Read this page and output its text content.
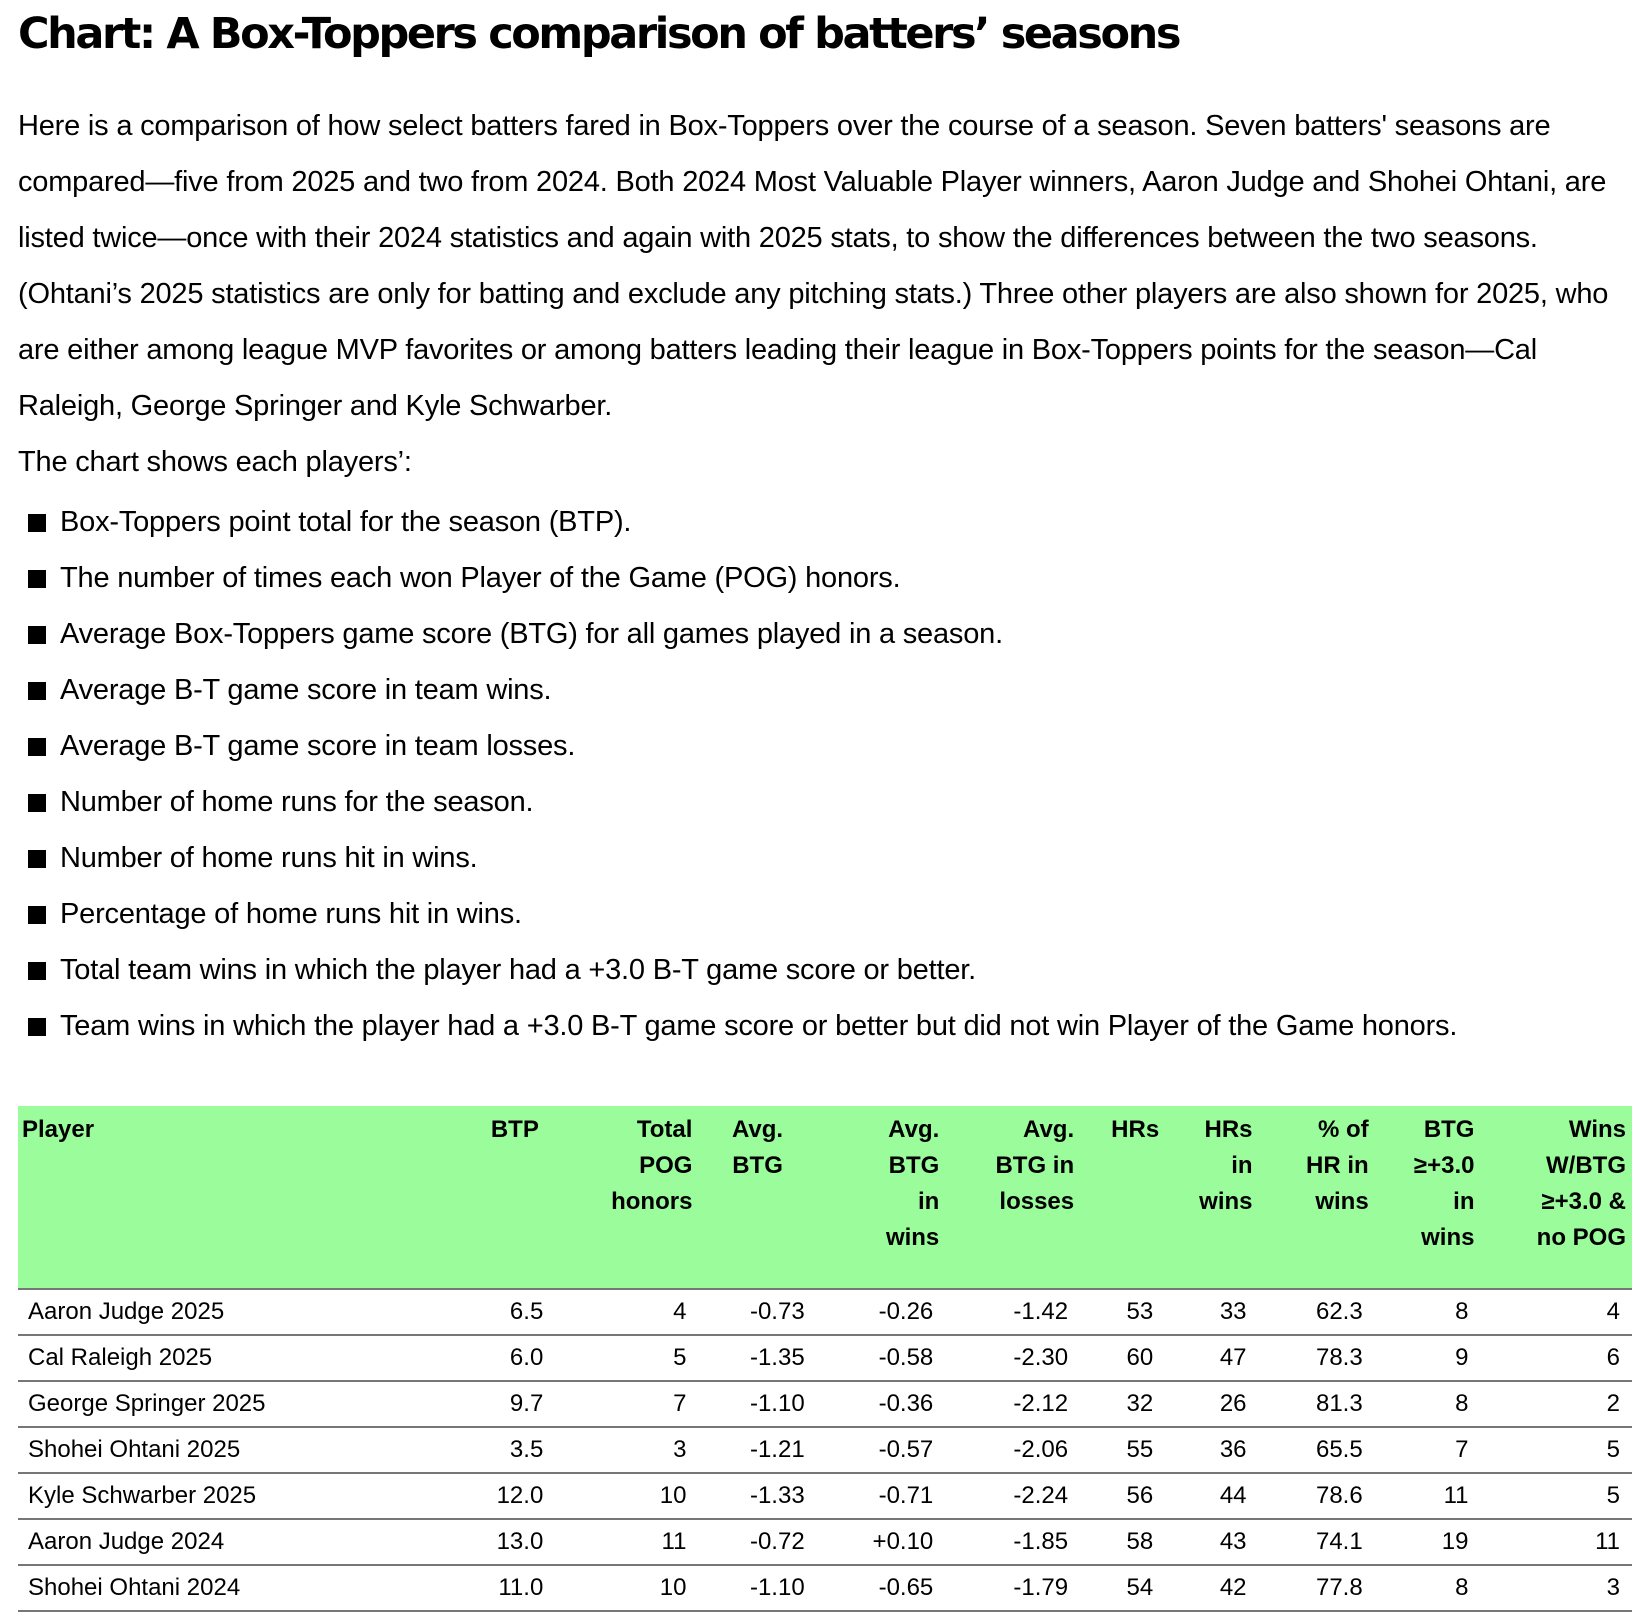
Chart: A Box-Toppers comparison of batters’ seasons

Here is a comparison of how select batters fared in Box-Toppers over the course of a season. Seven batters' seasons are compared—five from 2025 and two from 2024. Both 2024 Most Valuable Player winners, Aaron Judge and Shohei Ohtani, are listed twice—once with their 2024 statistics and again with 2025 stats, to show the differences between the two seasons. (Ohtani’s 2025 statistics are only for batting and exclude any pitching stats.) Three other players are also shown for 2025, who are either among league MVP favorites or among batters leading their league in Box-Toppers points for the season—Cal Raleigh, George Springer and Kyle Schwarber.

The chart shows each players’:

Box-Toppers point total for the season (BTP).
The number of times each won Player of the Game (POG) honors.
Average Box-Toppers game score (BTG) for all games played in a season.
Average B-T game score in team wins.
Average B-T game score in team losses.
Number of home runs for the season.
Number of home runs hit in wins.
Percentage of home runs hit in wins.
Total team wins in which the player had a +3.0 B-T game score or better.
Team wins in which the player had a +3.0 B-T game score or better but did not win Player of the Game honors.
Player	BTP	Total
POG
honors	Avg.
BTG	Avg.
BTG
in
wins	Avg.
BTG in
losses	HRs	HRs
in
wins	% of
HR in
wins	BTG
≥+3.0
in
wins	Wins
W/BTG
≥+3.0 &
no POG
Aaron Judge 2025	6.5	4	-0.73	-0.26	-1.42	53	33	62.3	8	4
Cal Raleigh 2025	6.0	5	-1.35	-0.58	-2.30	60	47	78.3	9	6
George Springer 2025	9.7	7	-1.10	-0.36	-2.12	32	26	81.3	8	2
Shohei Ohtani 2025	3.5	3	-1.21	-0.57	-2.06	55	36	65.5	7	5
Kyle Schwarber 2025	12.0	10	-1.33	-0.71	-2.24	56	44	78.6	11	5
Aaron Judge 2024	13.0	11	-0.72	+0.10	-1.85	58	43	74.1	19	11
Shohei Ohtani 2024	11.0	10	-1.10	-0.65	-1.79	54	42	77.8	8	3
